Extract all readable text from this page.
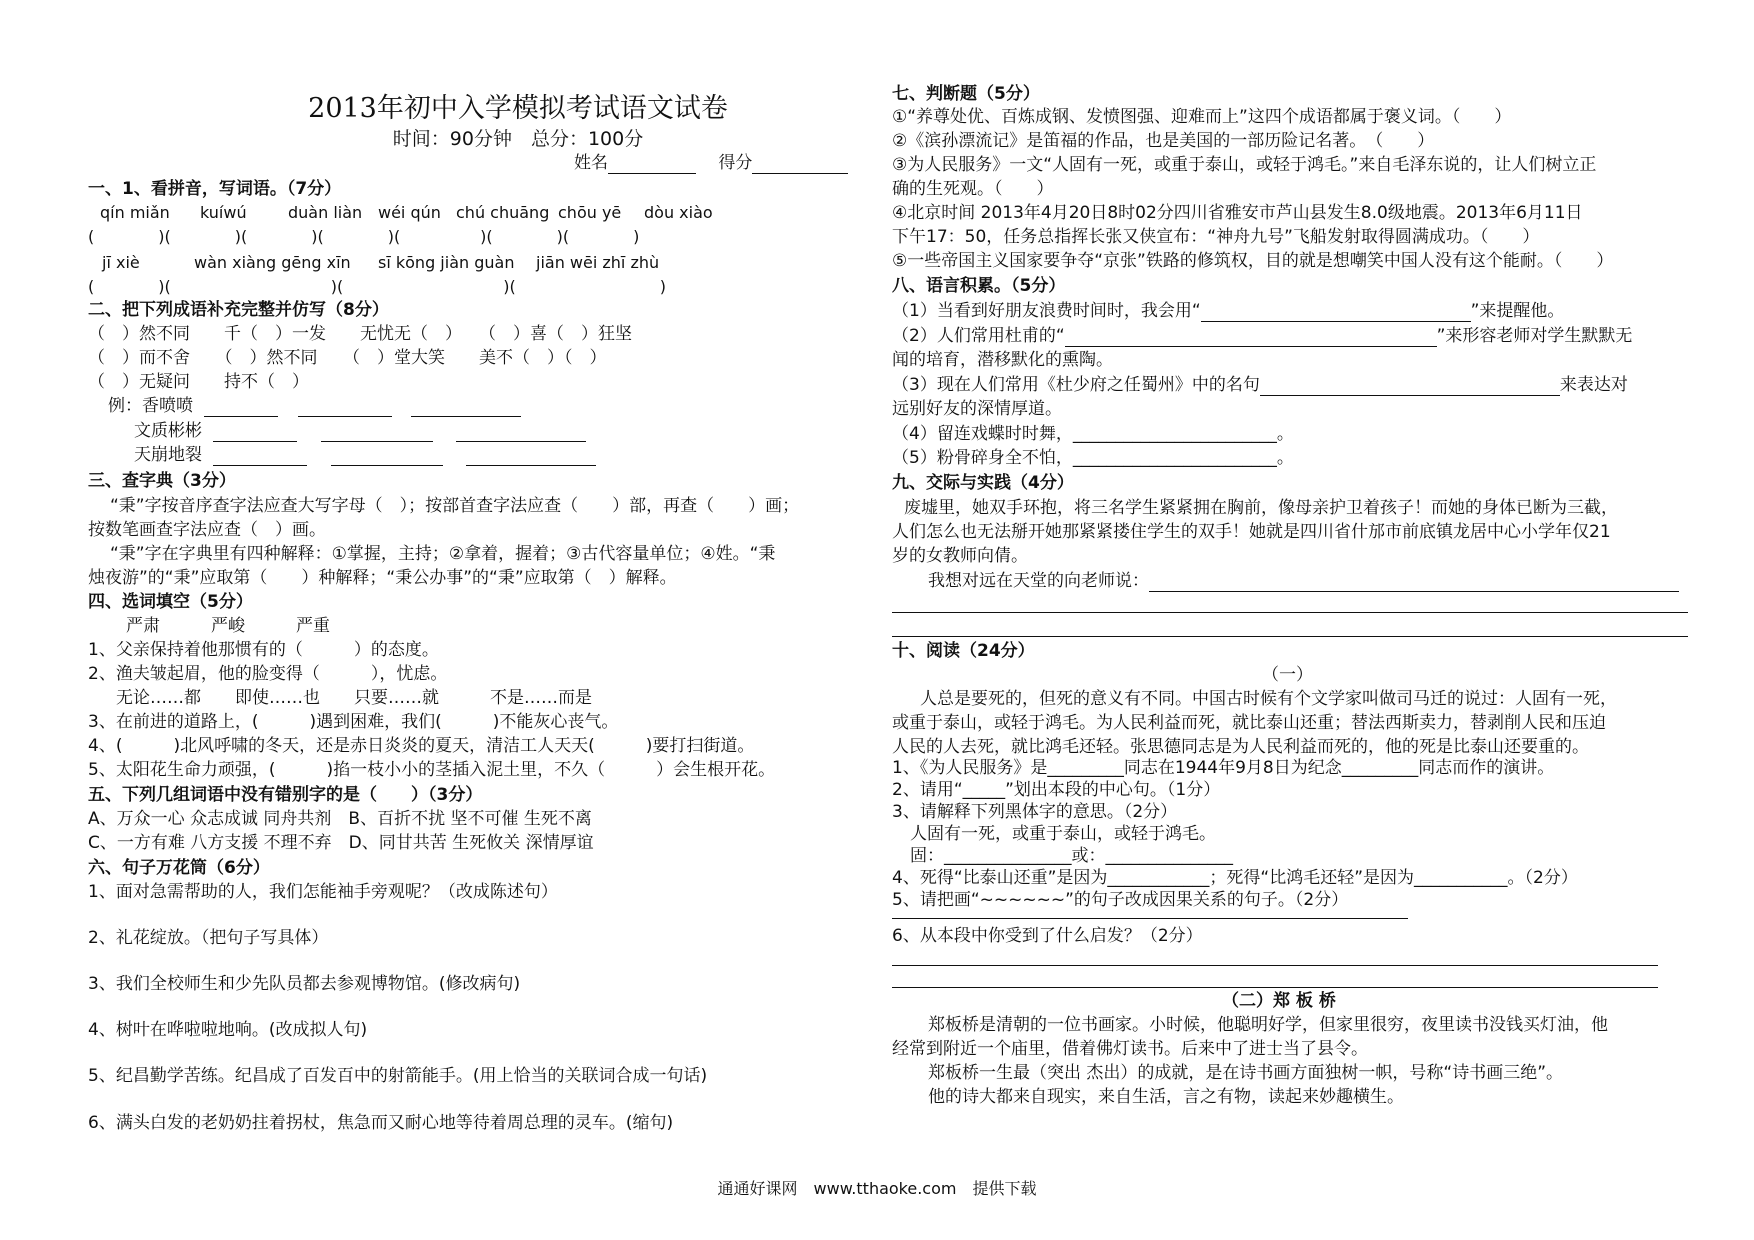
2013年初中入学模拟考试语文试卷
时间：90分钟　总分：100分
姓名 　	得分
一、1、看拼音，写词语。（7分）
qín miǎn kuíwú	duàn liàn wéi qún chú chuāng chōu yē dòu xiào
(　　　　)(　　　　)(　　　　)(　　　　)(　　　　　)(　　　　)(　　　　)
jī xiè	wàn xiàng gēng xīn sī kōng jiàn guàn jiān wēi zhī zhù
(　　　　)(　　　　　　　　　　)(　　　　　　　　　　)(　　　　　　　　　)
二、把下列成语补充完整并仿写（8分）
（　）然不同　　千（　）一发　　无忧无（　）　　（　）喜（　）狂坚
（　）而不舍　　（　）然不同　　（　）堂大笑　　美不（　）（　）
（　）无疑问　　持不（　）
例：香喷喷
文质彬彬
天崩地裂
三、查字典（3分）
“秉”字按音序查字法应查大写字母（　）；按部首查字法应查（　　）部，再查（　　）画；
按数笔画查字法应查（　）画。
“秉”字在字典里有四种解释：①掌握，主持；②拿着，握着；③古代容量单位；④姓。“秉
烛夜游”的“秉”应取第（　　）种解释；“秉公办事”的“秉”应取第（　）解释。
四、选词填空（5分）
严肃　　　严峻　　　严重
1、父亲保持着他那惯有的（　　　）的态度。
2、渔夫皱起眉，他的脸变得（　　　），忧虑。
无论……都　　即使……也　　只要……就　　　不是……而是
3、在前进的道路上，(　　　)遇到困难，我们(　　　)不能灰心丧气。
4、(　　　)北风呼啸的冬天，还是赤日炎炎的夏天，清洁工人天天(　　　)要打扫街道。
5、太阳花生命力顽强，(　　　)掐一枝小小的茎插入泥土里，不久（　　　）会生根开花。
五、下列几组词语中没有错别字的是（　　）（3分）
A、万众一心 众志成诚 同舟共剂　B、百折不扰 坚不可催 生死不离
C、一方有难 八方支援 不理不弃　D、同甘共苦 生死攸关 深情厚谊
六、句子万花筒（6分）
1、面对急需帮助的人，我们怎能袖手旁观呢？（改成陈述句）
2、礼花绽放。（把句子写具体）
3、我们全校师生和少先队员都去参观博物馆。(修改病句)
4、树叶在哗啦啦地响。(改成拟人句)
5、纪昌勤学苦练。纪昌成了百发百中的射箭能手。(用上恰当的关联词合成一句话)
6、满头白发的老奶奶拄着拐杖，焦急而又耐心地等待着周总理的灵车。(缩句)
七、判断题（5分）
①“养尊处优、百炼成钢、发愤图强、迎难而上”这四个成语都属于褒义词。（　　）
②《滨孙漂流记》是笛福的作品，也是美国的一部历险记名著。　（　　）
③为人民服务》一文“人固有一死，或重于泰山，或轻于鸿毛。”来自毛泽东说的，让人们树立正
确的生死观。（　　）
④北京时间 2013年4月20日8时02分四川省雅安市芦山县发生8.0级地震。2013年6月11日
下午17：50，任务总指挥长张又侠宣布：“神舟九号”飞船发射取得圆满成功。（　　）
⑤一些帝国主义国家要争夺“京张”铁路的修筑权，目的就是想嘲笑中国人没有这个能耐。（　　）
八、语言积累。（5分）
（1）当看到好朋友浪费时间时，我会用“	”来提醒他。
（2）人们常用杜甫的“	”来形容老师对学生默默无
闻的培育，潜移默化的熏陶。
（3）现在人们常用《杜少府之任蜀州》中的名句	来表达对
远别好友的深情厚道。
（4）留连戏蝶时时舞，________________________。
（5）粉骨碎身全不怕，________________________。
九、交际与实践（4分）
废墟里，她双手环抱，将三名学生紧紧拥在胸前，像母亲护卫着孩子！而她的身体已断为三截，
人们怎么也无法掰开她那紧紧搂住学生的双手！她就是四川省什邡市前底镇龙居中心小学年仅21
岁的女教师向倩。
我想对远在天堂的向老师说：
十、阅读（24分）
（一）
人总是要死的，但死的意义有不同。中国古时候有个文学家叫做司马迁的说过：人固有一死，
或重于泰山，或轻于鸿毛。为人民利益而死，就比泰山还重；替法西斯卖力，替剥削人民和压迫
人民的人去死，就比鸿毛还轻。张思德同志是为人民利益而死的，他的死是比泰山还要重的。
1、《为人民服务》是_________同志在1944年9月8日为纪念_________同志而作的演讲。
2、请用“_____”划出本段的中心句。（1分）
3、请解释下列黑体字的意思。（2分）
人固有一死，或重于泰山，或轻于鸿毛。
固：_______________或：_______________
4、死得“比泰山还重”是因为____________；死得“比鸿毛还轻”是因为___________。（2分）
5、请把画“~~~~~~”的句子改成因果关系的句子。（2分）
6、从本段中你受到了什么启发？（2分）
（二）郑 板 桥
郑板桥是清朝的一位书画家。小时候，他聪明好学，但家里很穷，夜里读书没钱买灯油，他
经常到附近一个庙里，借着佛灯读书。后来中了进士当了县令。
郑板桥一生最（突出 杰出）的成就，是在诗书画方面独树一帜，号称“诗书画三绝”。
他的诗大都来自现实，来自生活，言之有物，读起来妙趣横生。
通通好课网　www.tthaoke.com　提供下载
